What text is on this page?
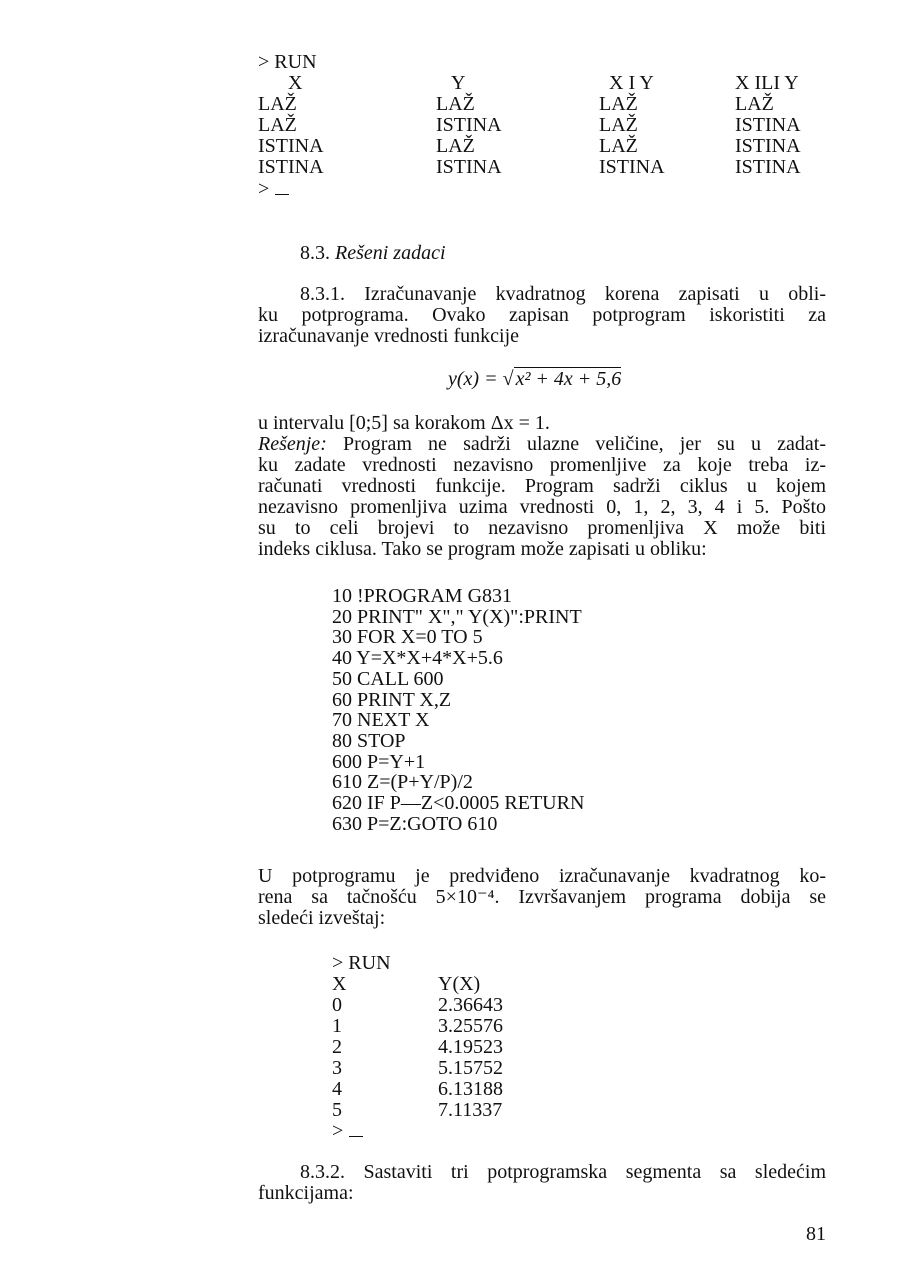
> RUN
X	Y	X I Y	X ILI Y
LAŽ	LAŽ	LAŽ	LAŽ
LAŽ	ISTINA	LAŽ	ISTINA
ISTINA	LAŽ	LAŽ	ISTINA
ISTINA	ISTINA	ISTINA	ISTINA
>
8.3. Rešeni zadaci
8.3.1. Izračunavanje kvadratnog korena zapisati u obli-
ku potprograma. Ovako zapisan potprogram iskoristiti za
izračunavanje vrednosti funkcije
y(x) = √ x² + 4x + 5,6
u intervalu [0;5] sa korakom Δx = 1.
Rešenje: Program ne sadrži ulazne veličine, jer su u zadat-
ku zadate vrednosti nezavisno promenljive za koje treba iz-
računati vrednosti funkcije. Program sadrži ciklus u kojem
nezavisno promenljiva uzima vrednosti 0, 1, 2, 3, 4 i 5. Pošto
su to celi brojevi to nezavisno promenljiva X može biti
indeks ciklusa. Tako se program može zapisati u obliku:
10 !PROGRAM G831
20 PRINT" X"," Y(X)":PRINT
30 FOR X=0 TO 5
40 Y=X*X+4*X+5.6
50 CALL 600
60 PRINT X,Z
70 NEXT X
80 STOP
600 P=Y+1
610 Z=(P+Y/P)/2
620 IF P—Z<0.0005 RETURN
630 P=Z:GOTO 610
U potprogramu je predviđeno izračunavanje kvadratnog ko-
rena sa tačnošću 5×10⁻⁴. Izvršavanjem programa dobija se
sledeći izveštaj:
> RUN
X	Y(X)
0	2.36643
1	3.25576
2	4.19523
3	5.15752
4	6.13188
5	7.11337
>
8.3.2. Sastaviti tri potprogramska segmenta sa sledećim
funkcijama:
81
